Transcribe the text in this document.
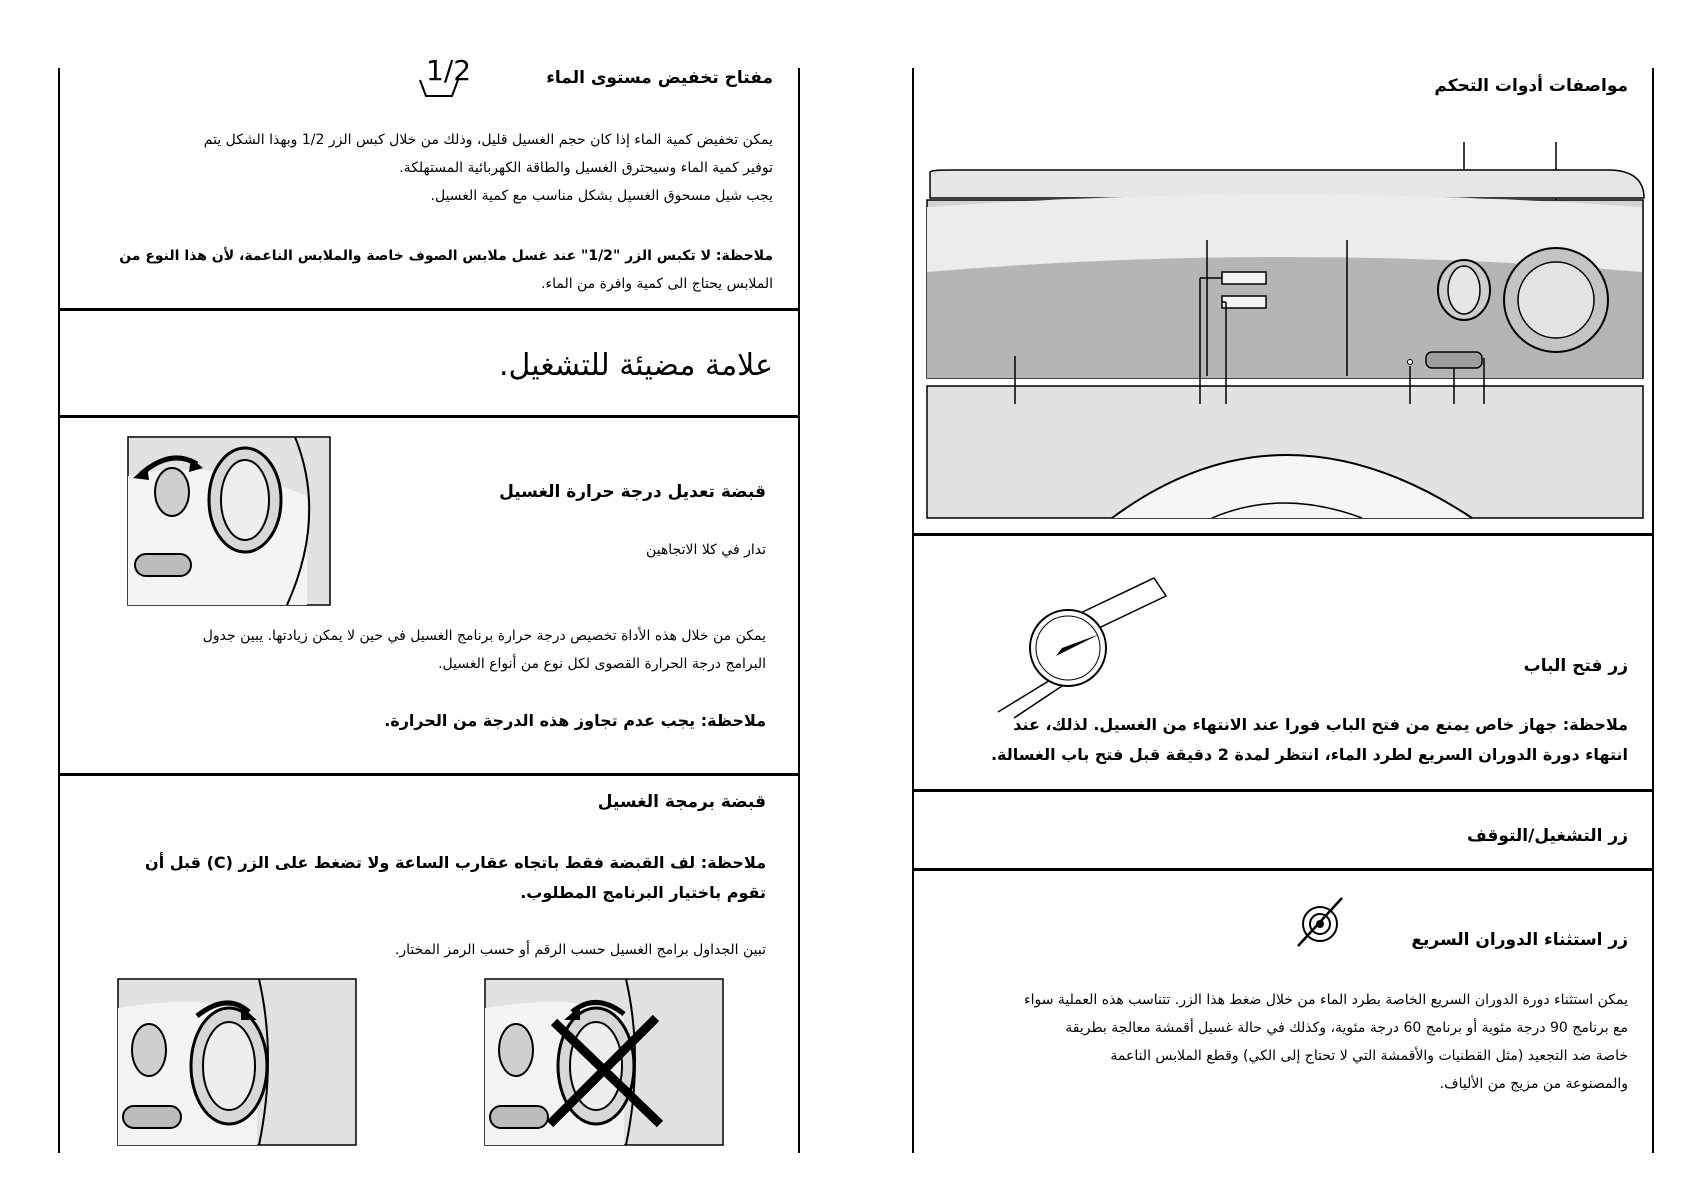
مفتاح تخفيض مستوى الماء
1/2
يمكن تخفيض كمية الماء إذا كان حجم الغسيل قليل، وذلك من خلال كبس الزر 1/2 وبهذا الشكل يتم
توفير كمية الماء وسيحترق الغسيل والطاقة الكهربائية المستهلكة.
يجب شيل مسحوق الغسيل بشكل مناسب مع كمية الغسيل.
ملاحظة: لا تكبس الزر "1/2" عند غسل ملابس الصوف خاصة والملابس الناعمة، لأن هذا النوع من
الملابس يحتاج الى كمية وافرة من الماء.
علامة مضيئة للتشغيل.
قبضة تعديل درجة حرارة الغسيل
تدار في كلا الاتجاهين
يمكن من خلال هذه الأداة تخصيص درجة حرارة برنامج الغسيل في حين لا يمكن زيادتها. يبين جدول
البرامج درجة الحرارة القصوى لكل نوع من أنواع الغسيل.
ملاحظة: يجب عدم تجاوز هذه الدرجة من الحرارة.
قبضة برمجة الغسيل
ملاحظة: لف القبضة فقط باتجاه عقارب الساعة ولا تضغط على الزر (C) قبل أن
تقوم باختيار البرنامج المطلوب.
تبين الجداول برامج الغسيل حسب الرقم أو حسب الرمز المختار.
مواصفات أدوات التحكم
زر فتح الباب
ملاحظة: جهاز خاص يمنع من فتح الباب فورا عند الانتهاء من الغسيل. لذلك، عند
انتهاء دورة الدوران السريع لطرد الماء، انتظر لمدة 2 دقيقة قبل فتح باب الغسالة.
زر التشغيل/التوقف
زر استثناء الدوران السريع
يمكن استثناء دورة الدوران السريع الخاصة بطرد الماء من خلال ضغط هذا الزر. تتناسب هذه العملية سواء
مع برنامج 90 درجة مئوية أو برنامج 60 درجة مئوية، وكذلك في حالة غسيل أقمشة معالجة بطريقة
خاصة ضد التجعيد (مثل القطنيات والأقمشة التي لا تحتاج إلى الكي) وقطع الملابس الناعمة
والمصنوعة من مزيج من الألياف.
